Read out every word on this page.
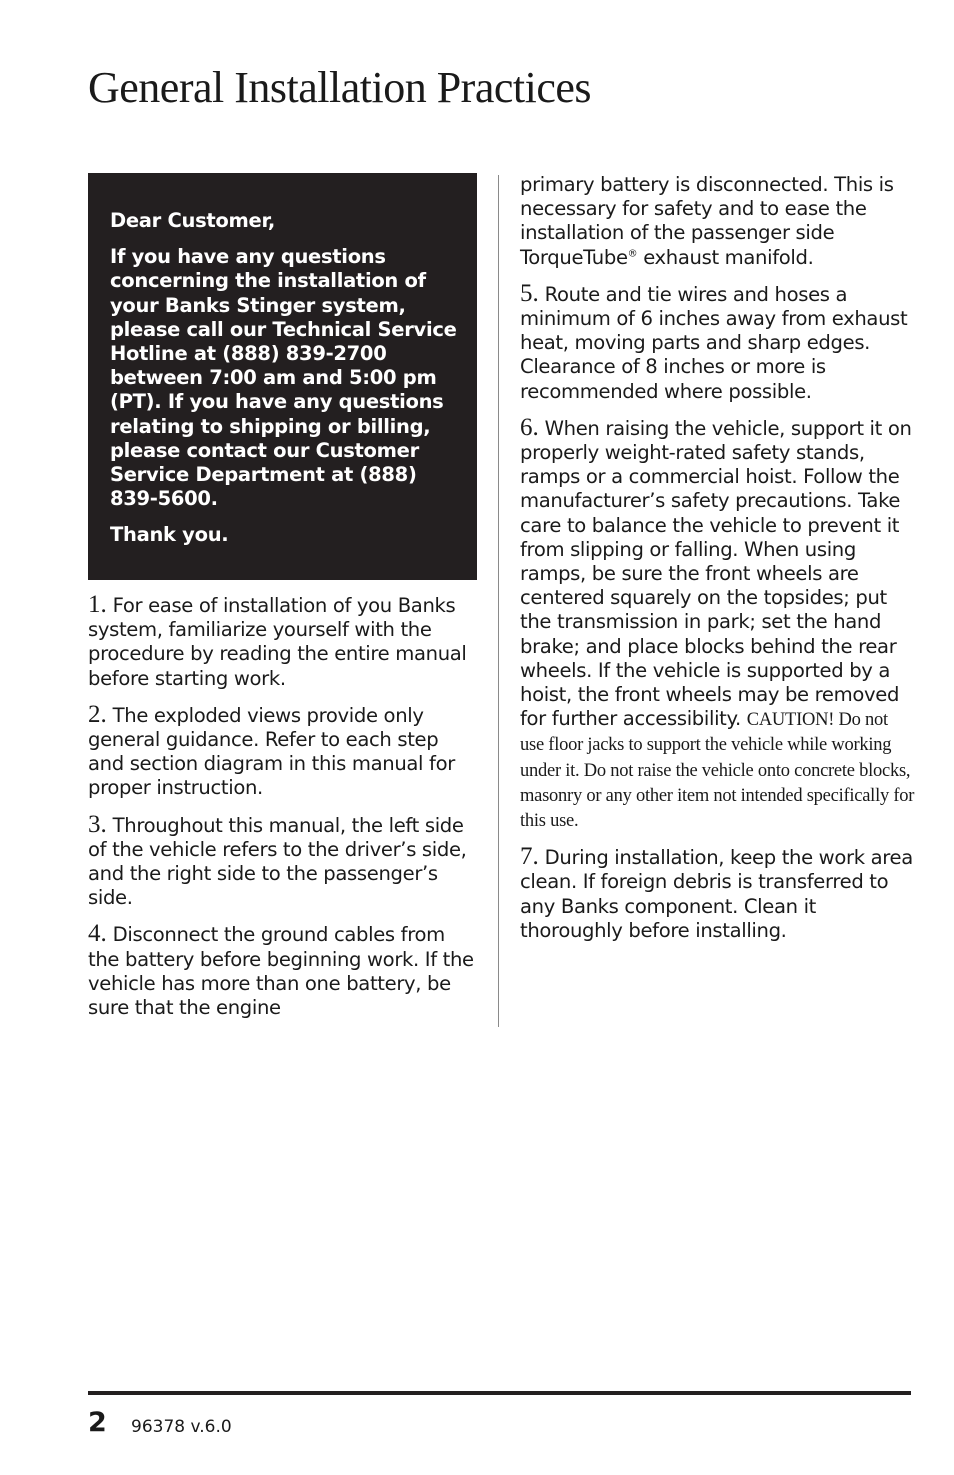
General Installation Practices

Dear Customer,

If you have any questions concerning the installation of your Banks Stinger system, please call our Technical Service Hotline at (888) 839-2700 between 7:00 am and 5:00 pm (PT). If you have any questions relating to shipping or billing, please contact our Customer Service Department at (888) 839-5600.

Thank you.

1. For ease of installation of you Banks system, familiarize yourself with the procedure by reading the entire manual before starting work.

2. The exploded views provide only general guidance. Refer to each step and section diagram in this manual for proper instruction.

3. Throughout this manual, the left side of the vehicle refers to the driver’s side, and the right side to the passenger’s side.

4. Disconnect the ground cables from the battery before beginning work. If the vehicle has more than one battery, be sure that the engine

primary battery is disconnected. This is necessary for safety and to ease the installation of the passenger side TorqueTube® exhaust manifold.

5. Route and tie wires and hoses a minimum of 6 inches away from exhaust heat, moving parts and sharp edges. Clearance of 8 inches or more is recommended where possible.

6. When raising the vehicle, support it on properly weight-rated safety stands, ramps or a commercial hoist. Follow the manufacturer’s safety precautions. Take care to balance the vehicle to prevent it from slipping or falling. When using ramps, be sure the front wheels are centered squarely on the topsides; put the transmission in park; set the hand brake; and place blocks behind the rear wheels. If the vehicle is supported by a hoist, the front wheels may be removed for further accessibility. CAUTION! Do not use floor jacks to support the vehicle while working under it. Do not raise the vehicle onto concrete blocks, masonry or any other item not intended specifically for this use.

7. During installation, keep the work area clean. If foreign debris is transferred to any Banks component. Clean it thoroughly before installing.

2 96378 v.6.0
